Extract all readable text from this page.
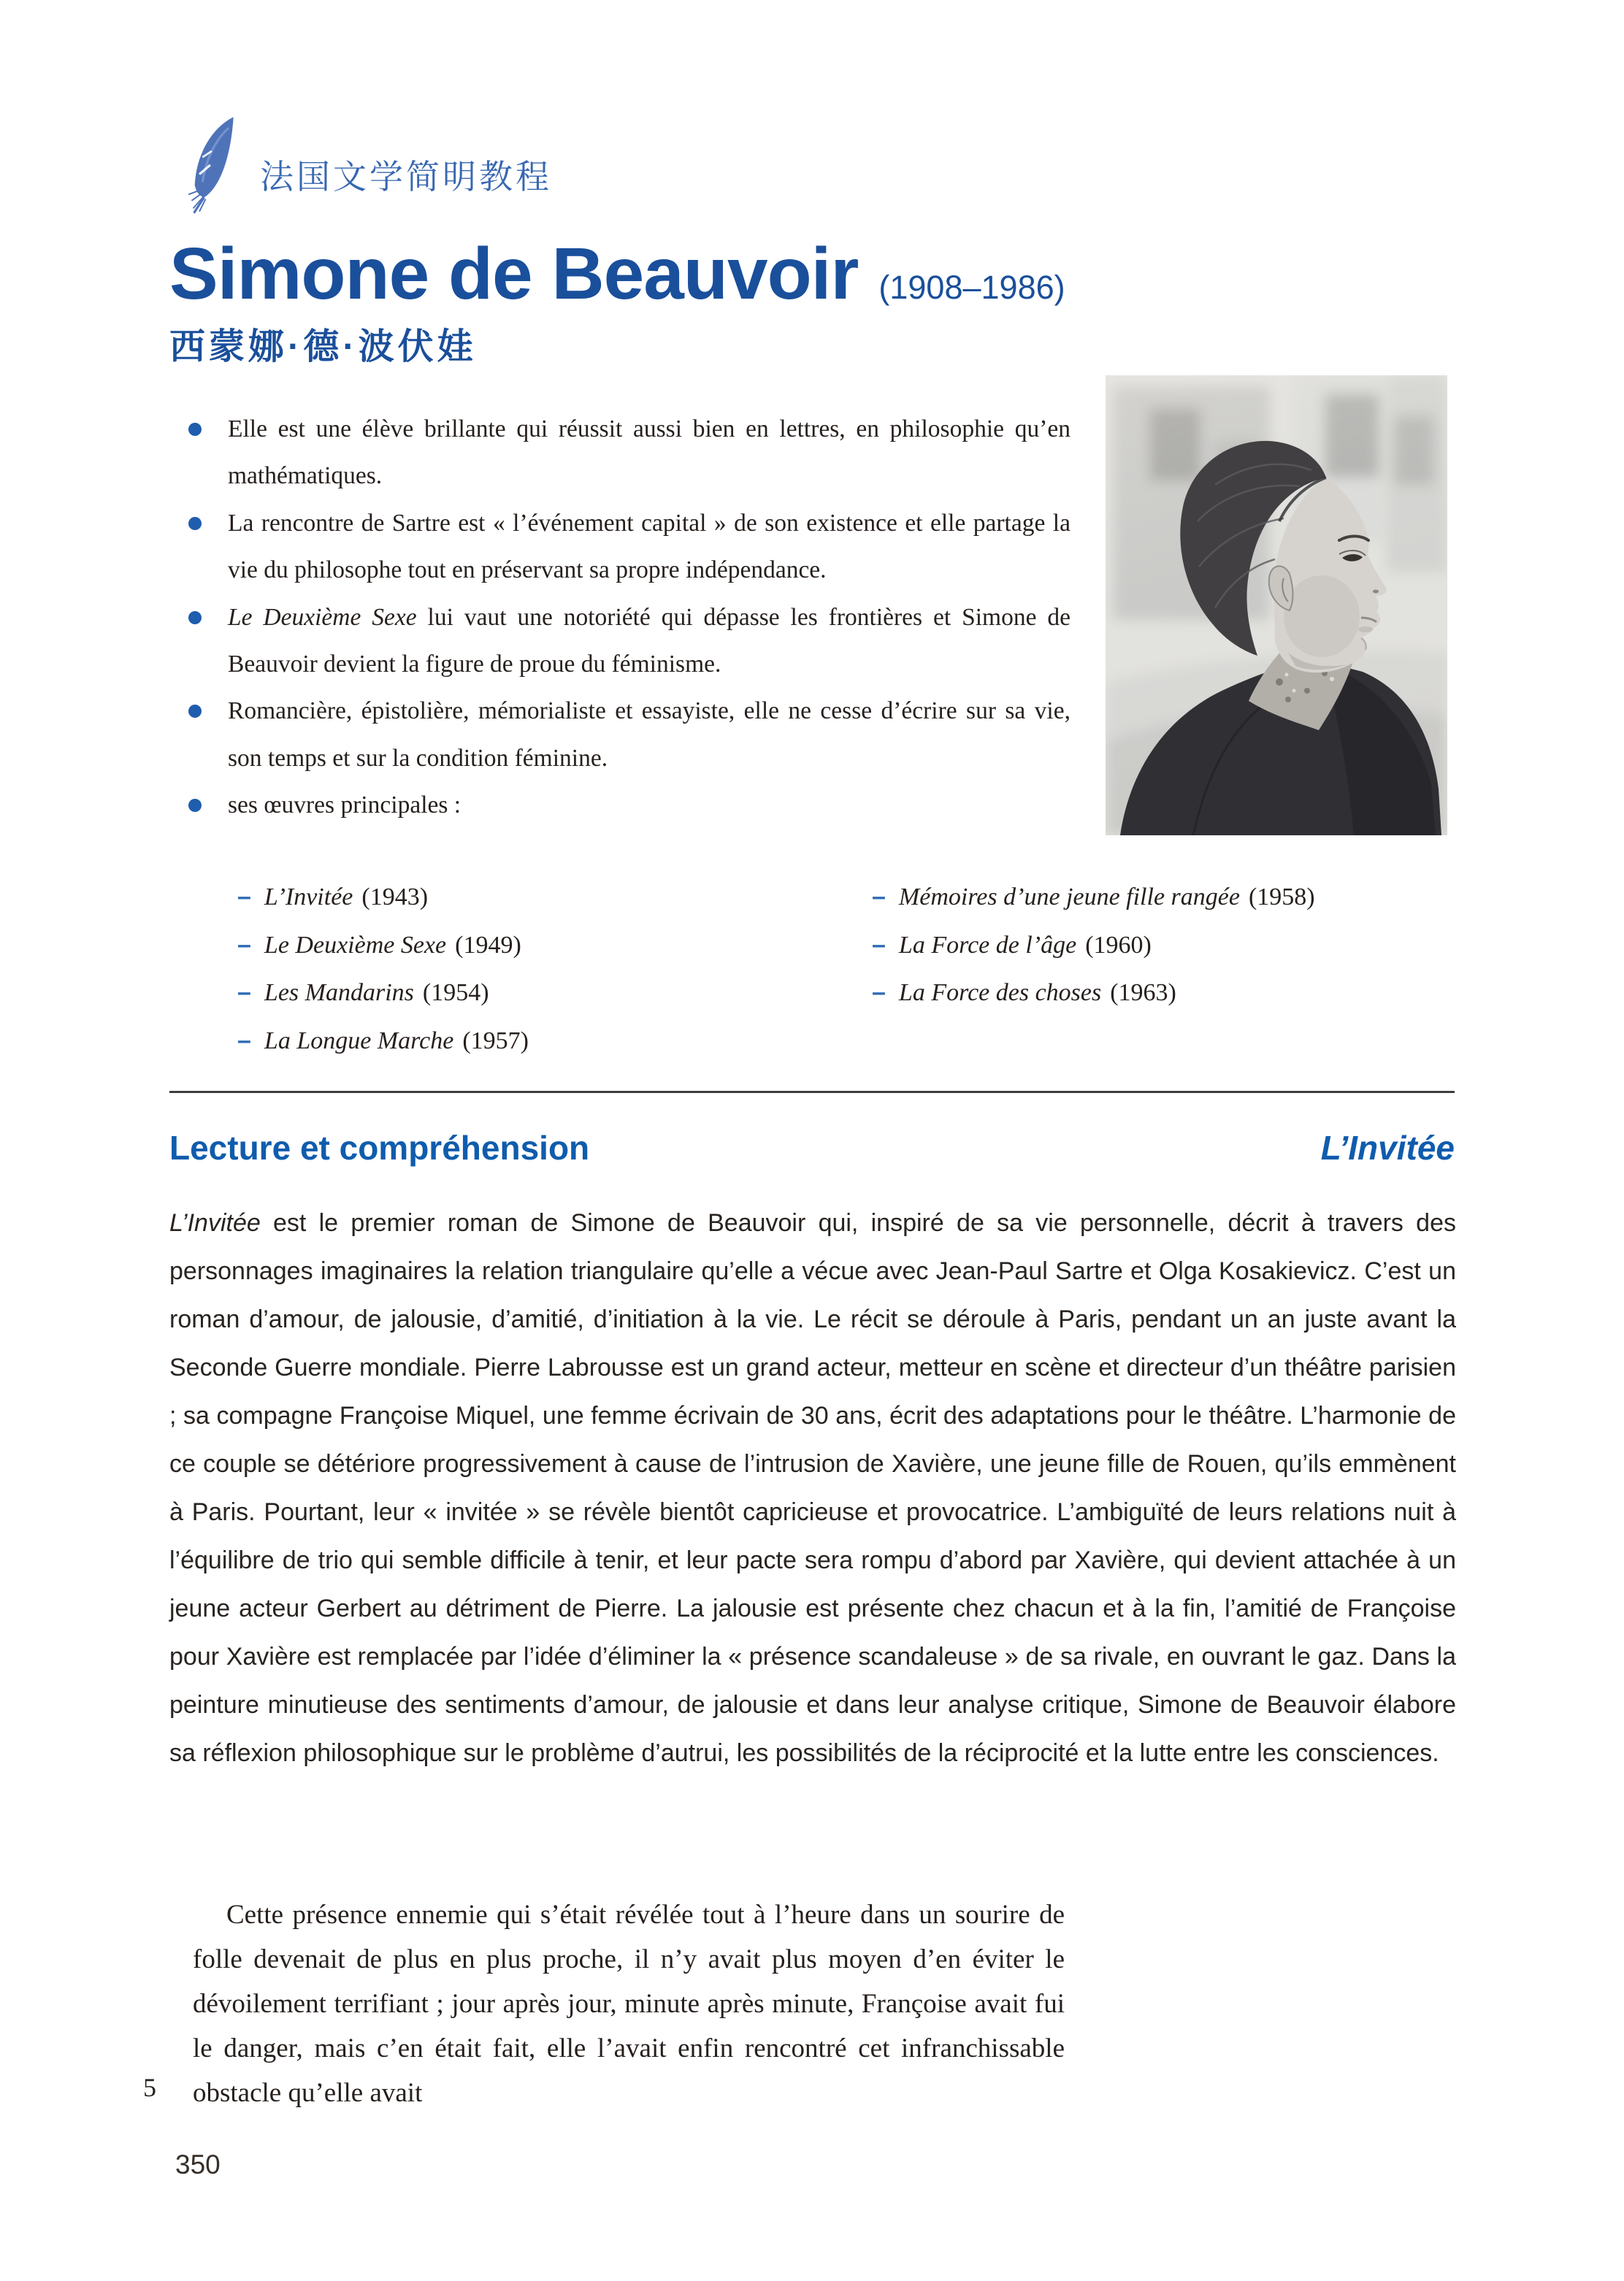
法国文学简明教程
Simone de Beauvoir (1908–1986)
西蒙娜·德·波伏娃
Elle est une élève brillante qui réussit aussi bien en lettres, en philosophie qu’en mathématiques.
La rencontre de Sartre est « l’événement capital » de son existence et elle partage la vie du philosophe tout en préservant sa propre indépendance.
Le Deuxième Sexe lui vaut une notoriété qui dépasse les frontières et Simone de Beauvoir devient la figure de proue du féminisme.
Romancière, épistolière, mémorialiste et essayiste, elle ne cesse d’écrire sur sa vie, son temps et sur la condition féminine.
ses œuvres principales :
– L’Invitée (1943)
– Le Deuxième Sexe (1949)
– Les Mandarins (1954)
– La Longue Marche (1957)
– Mémoires d’une jeune fille rangée (1958)
– La Force de l’âge (1960)
– La Force des choses (1963)
Lecture et compréhension	L’Invitée

L’Invitée est le premier roman de Simone de Beauvoir qui, inspiré de sa vie personnelle, décrit à travers des personnages imaginaires la relation triangulaire qu’elle a vécue avec Jean-Paul Sartre et Olga Kosakievicz. C’est un roman d’amour, de jalousie, d’amitié, d’initiation à la vie. Le récit se déroule à Paris, pendant un an juste avant la Seconde Guerre mondiale. Pierre Labrousse est un grand acteur, metteur en scène et directeur d’un théâtre parisien ; sa compagne Françoise Miquel, une femme écrivain de 30 ans, écrit des adaptations pour le théâtre. L’harmonie de ce couple se détériore progressivement à cause de l’intrusion de Xavière, une jeune fille de Rouen, qu’ils emmènent à Paris. Pourtant, leur « invitée » se révèle bientôt capricieuse et provocatrice. L’ambiguïté de leurs relations nuit à l’équilibre de trio qui semble difficile à tenir, et leur pacte sera rompu d’abord par Xavière, qui devient attachée à un jeune acteur Gerbert au détriment de Pierre. La jalousie est présente chez chacun et à la fin, l’amitié de Françoise pour Xavière est remplacée par l’idée d’éliminer la « présence scandaleuse » de sa rivale, en ouvrant le gaz. Dans la peinture minutieuse des sentiments d’amour, de jalousie et dans leur analyse critique, Simone de Beauvoir élabore sa réflexion philosophique sur le problème d’autrui, les possibilités de la réciprocité et la lutte entre les consciences.

5

Cette présence ennemie qui s’était révélée tout à l’heure dans un sourire de folle devenait de plus en plus proche, il n’y avait plus moyen d’en éviter le dévoilement terrifiant ; jour après jour, minute après minute, Françoise avait fui le danger, mais c’en était fait, elle l’avait enfin rencontré cet infranchissable obstacle qu’elle avait

350
